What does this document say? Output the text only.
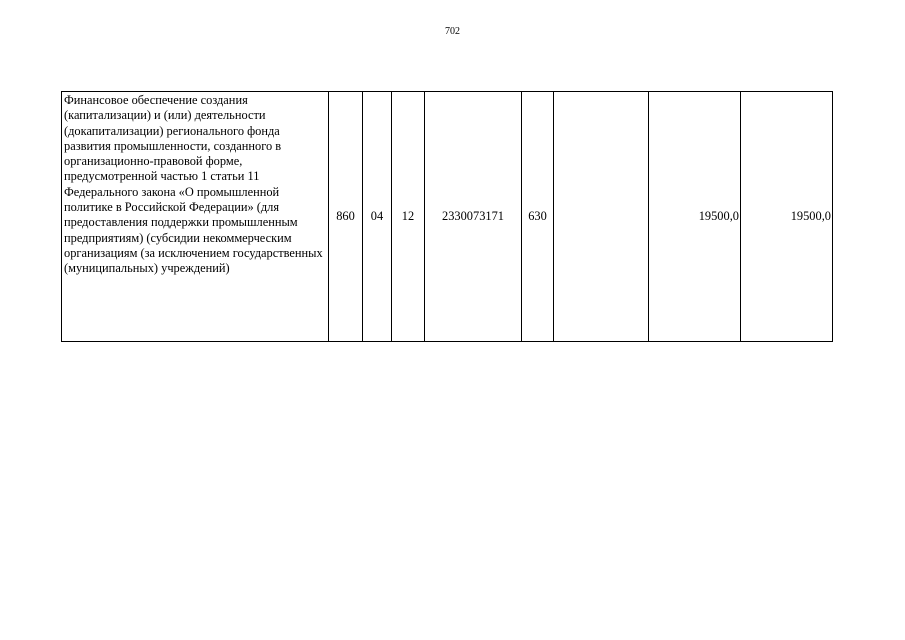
702
Финансовое обеспечение создания (капитализации) и (или) деятельности (докапитализации) регионального фонда развития промышленности, созданного в организационно-правовой форме, предусмотренной частью 1 статьи 11 Федерального закона «О промышленной политике в Российской Федерации» (для предоставления поддержки промышленным предприятиям) (субсидии некоммерческим организациям (за исключением государственных (муниципальных) учреждений)	860	04	12	2330073171	630		19500,0	19500,0
